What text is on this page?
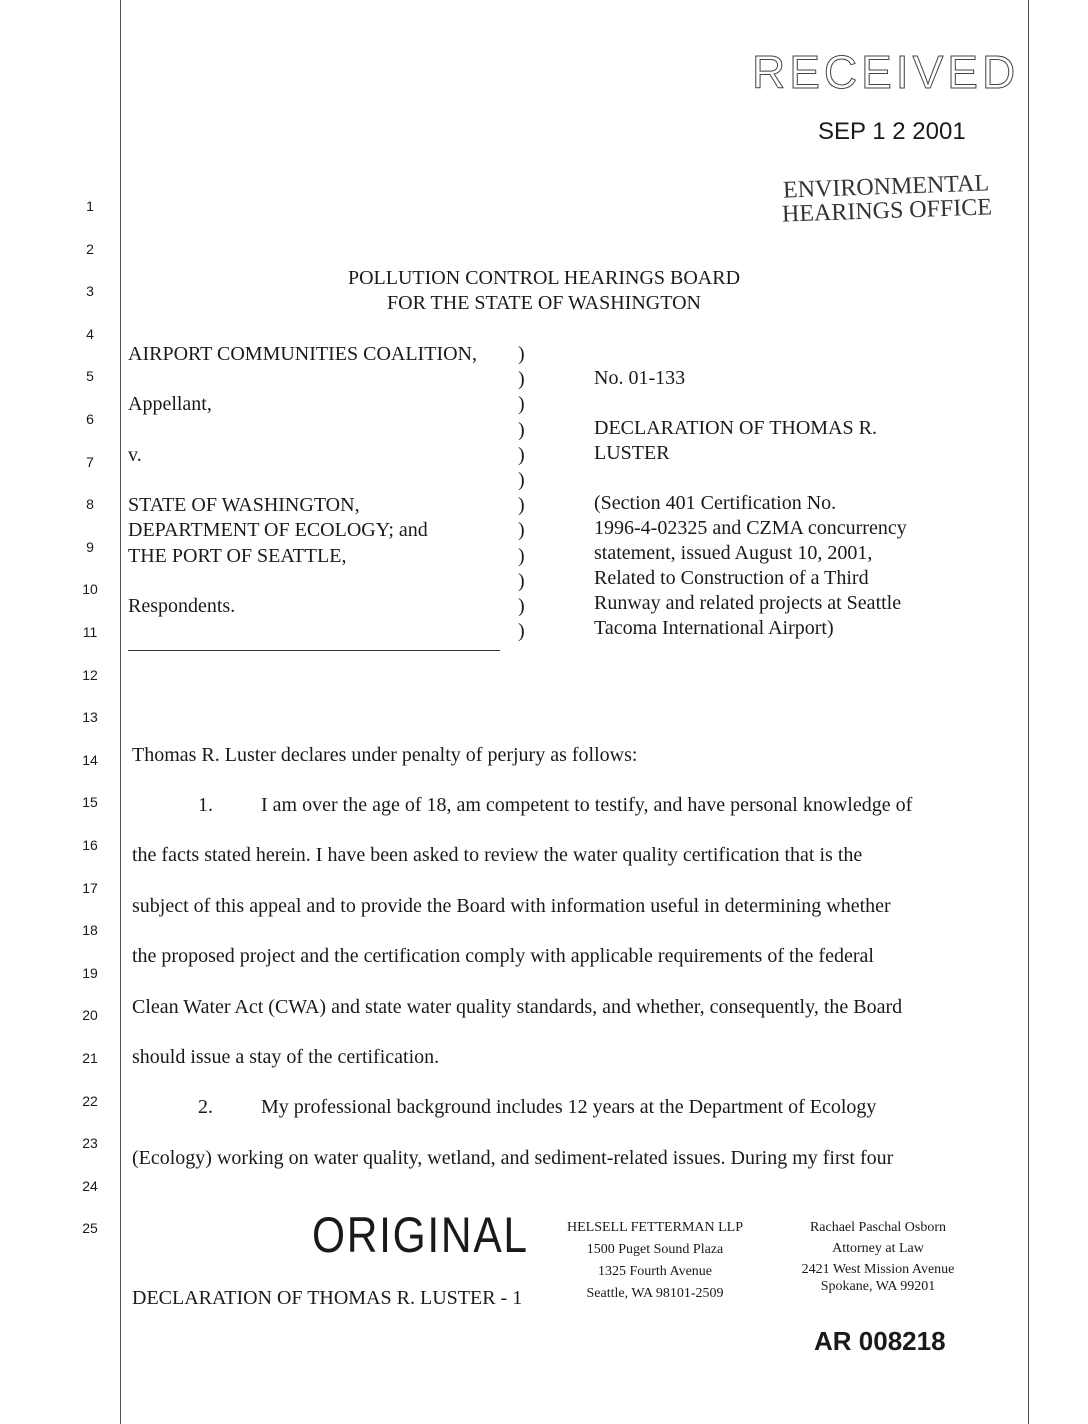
RECEIVED
SEP 1 2 2001
ENVIRONMENTAL
HEARINGS OFFICE
1
2
3
4
5
6
7
8
9
10
11
12
13
14
15
16
17
18
19
20
21
22
23
24
25
POLLUTION CONTROL HEARINGS BOARD
FOR THE STATE OF WASHINGTON
AIRPORT COMMUNITIES COALITION,
Appellant,
v.
STATE OF WASHINGTON,
DEPARTMENT OF ECOLOGY; and
THE PORT OF SEATTLE,
Respondents.
)
)
)
)
)
)
)
)
)
)
)
)
No. 01-133
DECLARATION OF THOMAS R.
LUSTER
(Section 401 Certification No.
1996-4-02325 and CZMA concurrency
statement, issued August 10, 2001,
Related to Construction of a Third
Runway and related projects at Seattle
Tacoma International Airport)
Thomas R. Luster declares under penalty of perjury as follows:
1. I am over the age of 18, am competent to testify, and have personal knowledge of
the facts stated herein. I have been asked to review the water quality certification that is the
subject of this appeal and to provide the Board with information useful in determining whether
the proposed project and the certification comply with applicable requirements of the federal
Clean Water Act (CWA) and state water quality standards, and whether, consequently, the Board
should issue a stay of the certification.
2. My professional background includes 12 years at the Department of Ecology
(Ecology) working on water quality, wetland, and sediment-related issues. During my first four
ORIGINAL
DECLARATION OF THOMAS R. LUSTER - 1
HELSELL FETTERMAN LLP
1500 Puget Sound Plaza
1325 Fourth Avenue
Seattle, WA 98101-2509
Rachael Paschal Osborn
Attorney at Law
2421 West Mission Avenue
Spokane, WA 99201
AR 008218
